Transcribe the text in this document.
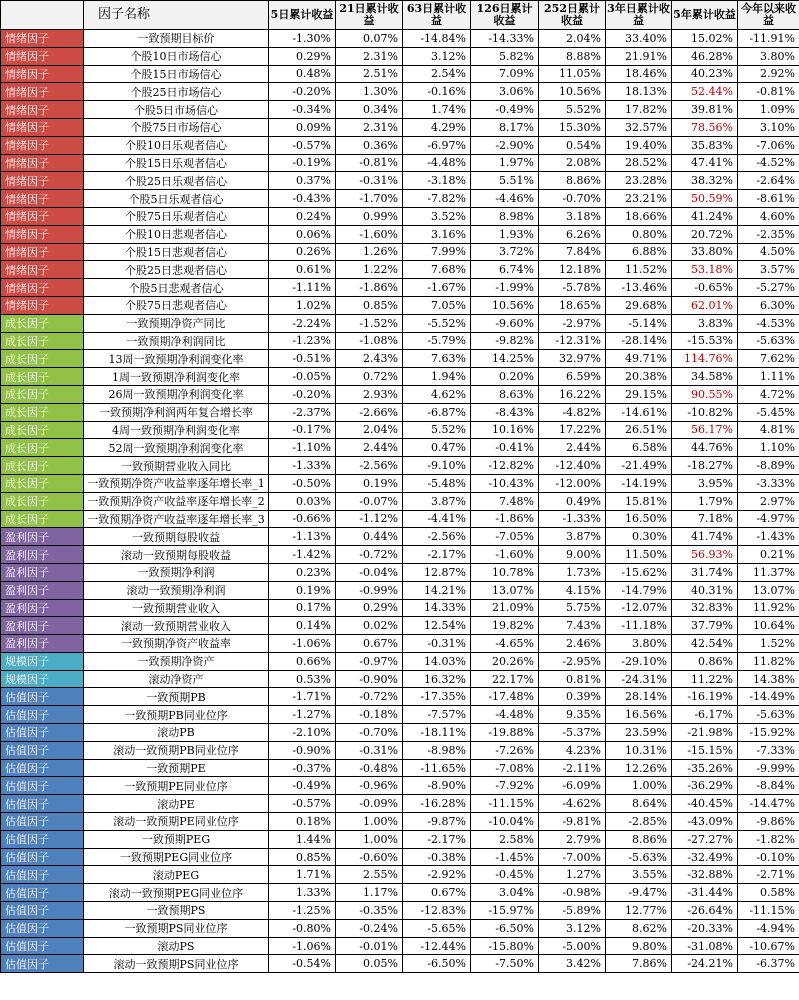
	因子名称	5日累计收益	21日累计收益	63日累计收益	126日累计收益	252日累计收益	3年日累计收益	5年累计收益	今年以来收益
情绪因子	一致预期目标价	-1.30%	0.07%	-14.84%	-14.33%	2.04%	33.40%	15.02%	-11.91%
情绪因子	个股10日市场信心	0.29%	2.31%	3.12%	5.82%	8.88%	21.91%	46.28%	3.80%
情绪因子	个股15日市场信心	0.48%	2.51%	2.54%	7.09%	11.05%	18.46%	40.23%	2.92%
情绪因子	个股25日市场信心	-0.20%	1.30%	-0.16%	3.06%	10.56%	18.13%	52.44%	-0.81%
情绪因子	个股5日市场信心	-0.34%	0.34%	1.74%	-0.49%	5.52%	17.82%	39.81%	1.09%
情绪因子	个股75日市场信心	0.09%	2.31%	4.29%	8.17%	15.30%	32.57%	78.56%	3.10%
情绪因子	个股10日乐观者信心	-0.57%	0.36%	-6.97%	-2.90%	0.54%	19.40%	35.83%	-7.06%
情绪因子	个股15日乐观者信心	-0.19%	-0.81%	-4.48%	1.97%	2.08%	28.52%	47.41%	-4.52%
情绪因子	个股25日乐观者信心	0.37%	-0.31%	-3.18%	5.51%	8.86%	23.28%	38.32%	-2.64%
情绪因子	个股5日乐观者信心	-0.43%	-1.70%	-7.82%	-4.46%	-0.70%	23.21%	50.59%	-8.61%
情绪因子	个股75日乐观者信心	0.24%	0.99%	3.52%	8.98%	3.18%	18.66%	41.24%	4.60%
情绪因子	个股10日悲观者信心	0.06%	-1.60%	3.16%	1.93%	6.26%	0.80%	20.72%	-2.35%
情绪因子	个股15日悲观者信心	0.26%	1.26%	7.99%	3.72%	7.84%	6.88%	33.80%	4.50%
情绪因子	个股25日悲观者信心	0.61%	1.22%	7.68%	6.74%	12.18%	11.52%	53.18%	3.57%
情绪因子	个股5日悲观者信心	-1.11%	-1.86%	-1.67%	-1.99%	-5.78%	-13.46%	-0.65%	-5.27%
情绪因子	个股75日悲观者信心	1.02%	0.85%	7.05%	10.56%	18.65%	29.68%	62.01%	6.30%
成长因子	一致预期净资产同比	-2.24%	-1.52%	-5.52%	-9.60%	-2.97%	-5.14%	3.83%	-4.53%
成长因子	一致预期净利润同比	-1.23%	-1.08%	-5.79%	-9.82%	-12.31%	-28.14%	-15.53%	-5.63%
成长因子	13周一致预期净利润变化率	-0.51%	2.43%	7.63%	14.25%	32.97%	49.71%	114.76%	7.62%
成长因子	1周一致预期净利润变化率	-0.05%	0.72%	1.94%	0.20%	6.59%	20.38%	34.58%	1.11%
成长因子	26周一致预期净利润变化率	-0.20%	2.93%	4.62%	8.63%	16.22%	29.15%	90.55%	4.72%
成长因子	一致预期净利润两年复合增长率	-2.37%	-2.66%	-6.87%	-8.43%	-4.82%	-14.61%	-10.82%	-5.45%
成长因子	4周一致预期净利润变化率	-0.17%	2.04%	5.52%	10.16%	17.22%	26.51%	56.17%	4.81%
成长因子	52周一致预期净利润变化率	-1.10%	2.44%	0.47%	-0.41%	2.44%	6.58%	44.76%	1.10%
成长因子	一致预期营业收入同比	-1.33%	-2.56%	-9.10%	-12.82%	-12.40%	-21.49%	-18.27%	-8.89%
成长因子	一致预期净资产收益率逐年增长率_1	-0.50%	0.19%	-5.48%	-10.43%	-12.00%	-14.19%	3.95%	-3.33%
成长因子	一致预期净资产收益率逐年增长率_2	0.03%	-0.07%	3.87%	7.48%	0.49%	15.81%	1.79%	2.97%
成长因子	一致预期净资产收益率逐年增长率_3	-0.66%	-1.12%	-4.41%	-1.86%	-1.33%	16.50%	7.18%	-4.97%
盈利因子	一致预期每股收益	-1.13%	0.44%	-2.56%	-7.05%	3.87%	0.30%	41.74%	-1.43%
盈利因子	滚动一致预期每股收益	-1.42%	-0.72%	-2.17%	-1.60%	9.00%	11.50%	56.93%	0.21%
盈利因子	一致预期净利润	0.23%	-0.04%	12.87%	10.78%	1.73%	-15.62%	31.74%	11.37%
盈利因子	滚动一致预期净利润	0.19%	-0.99%	14.21%	13.07%	4.15%	-14.79%	40.31%	13.07%
盈利因子	一致预期营业收入	0.17%	0.29%	14.33%	21.09%	5.75%	-12.07%	32.83%	11.92%
盈利因子	滚动一致预期营业收入	0.14%	0.02%	12.54%	19.82%	7.43%	-11.18%	37.79%	10.64%
盈利因子	一致预期净资产收益率	-1.06%	0.67%	-0.31%	-4.65%	2.46%	3.80%	42.54%	1.52%
规模因子	一致预期净资产	0.66%	-0.97%	14.03%	20.26%	-2.95%	-29.10%	0.86%	11.82%
规模因子	滚动净资产	0.53%	-0.90%	16.32%	22.17%	0.81%	-24.31%	11.22%	14.38%
估值因子	一致预期PB	-1.71%	-0.72%	-17.35%	-17.48%	0.39%	28.14%	-16.19%	-14.49%
估值因子	一致预期PB同业位序	-1.27%	-0.18%	-7.57%	-4.48%	9.35%	16.56%	-6.17%	-5.63%
估值因子	滚动PB	-2.10%	-0.70%	-18.11%	-19.88%	-5.37%	23.59%	-21.98%	-15.92%
估值因子	滚动一致预期PB同业位序	-0.90%	-0.31%	-8.98%	-7.26%	4.23%	10.31%	-15.15%	-7.33%
估值因子	一致预期PE	-0.37%	-0.48%	-11.65%	-7.08%	-2.11%	12.26%	-35.26%	-9.99%
估值因子	一致预期PE同业位序	-0.49%	-0.96%	-8.90%	-7.92%	-6.09%	1.00%	-36.29%	-8.84%
估值因子	滚动PE	-0.57%	-0.09%	-16.28%	-11.15%	-4.62%	8.64%	-40.45%	-14.47%
估值因子	滚动一致预期PE同业位序	0.18%	1.00%	-9.87%	-10.04%	-9.81%	-2.85%	-43.09%	-9.86%
估值因子	一致预期PEG	1.44%	1.00%	-2.17%	2.58%	2.79%	8.86%	-27.27%	-1.82%
估值因子	一致预期PEG同业位序	0.85%	-0.60%	-0.38%	-1.45%	-7.00%	-5.63%	-32.49%	-0.10%
估值因子	滚动PEG	1.71%	2.55%	-2.92%	-0.45%	1.27%	3.55%	-32.88%	-2.71%
估值因子	滚动一致预期PEG同业位序	1.33%	1.17%	0.67%	3.04%	-0.98%	-9.47%	-31.44%	0.58%
估值因子	一致预期PS	-1.25%	-0.35%	-12.83%	-15.97%	-5.89%	12.77%	-26.64%	-11.15%
估值因子	一致预期PS同业位序	-0.80%	-0.24%	-5.65%	-6.50%	3.12%	8.62%	-20.33%	-4.94%
估值因子	滚动PS	-1.06%	-0.01%	-12.44%	-15.80%	-5.00%	9.80%	-31.08%	-10.67%
估值因子	滚动一致预期PS同业位序	-0.54%	0.05%	-6.50%	-7.50%	3.42%	7.86%	-24.21%	-6.37%
